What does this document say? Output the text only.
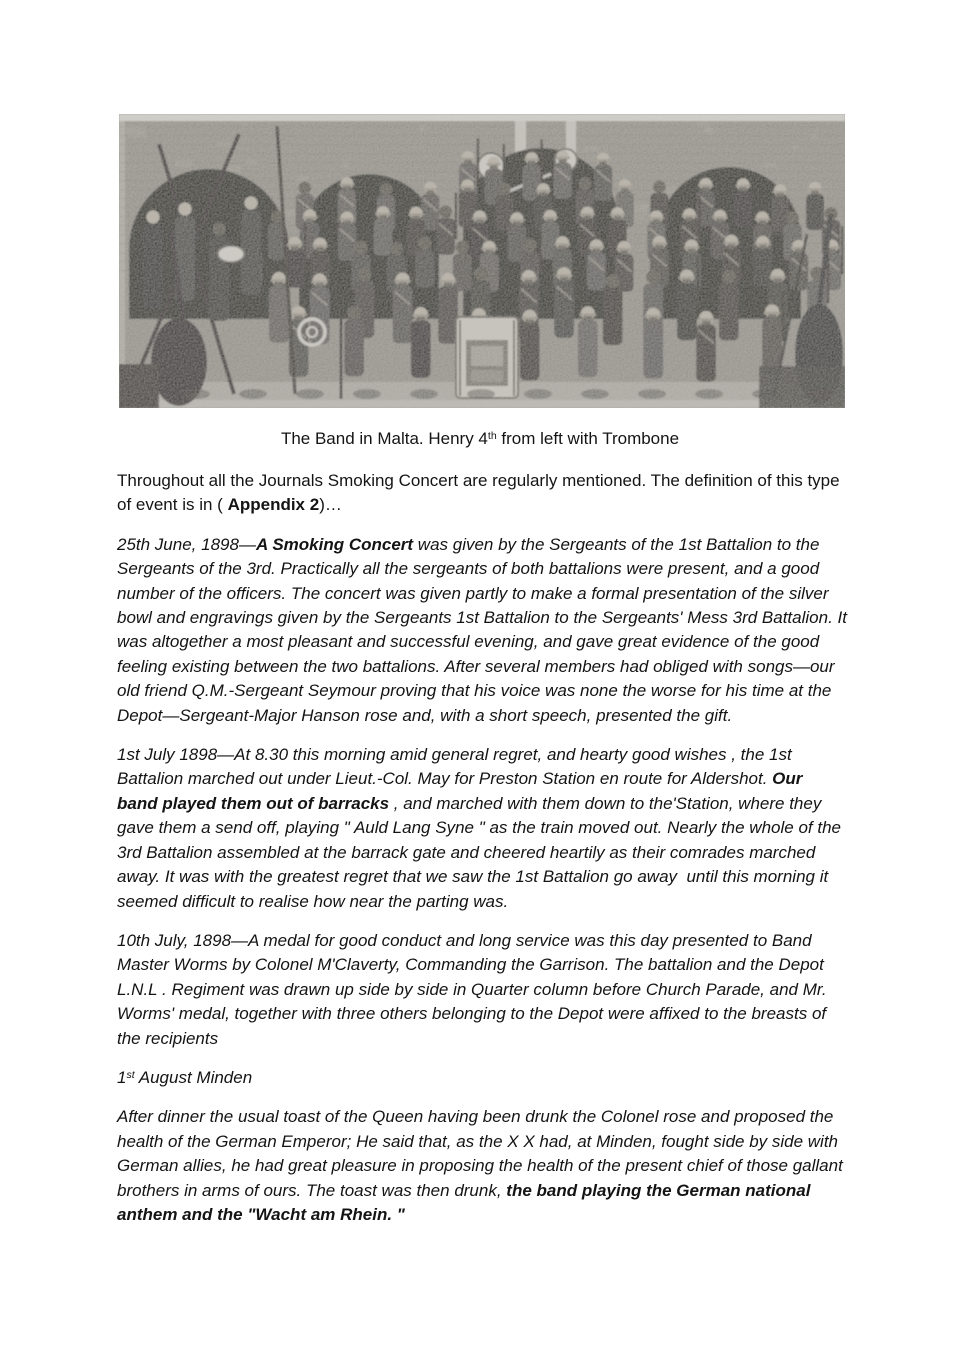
The Band in Malta. Henry 4th from left with Trombone

Throughout all the Journals Smoking Concert are regularly mentioned. The definition of this type of event is in ( Appendix 2)…

25th June, 1898—A Smoking Concert was given by the Sergeants of the 1st Battalion to the Sergeants of the 3rd. Practically all the sergeants of both battalions were present, and a good number of the officers. The concert was given partly to make a formal presentation of the silver bowl and engravings given by the Sergeants 1st Battalion to the Sergeants' Mess 3rd Battalion. It was altogether a most pleasant and successful evening, and gave great evidence of the good feeling existing between the two battalions. After several members had obliged with songs—our old friend Q.M.-Sergeant Seymour proving that his voice was none the worse for his time at the Depot—Sergeant-Major Hanson rose and, with a short speech, presented the gift.

1st July 1898—At 8.30 this morning amid general regret, and hearty good wishes , the 1st Battalion marched out under Lieut.-Col. May for Preston Station en route for Aldershot. Our band played them out of barracks , and marched with them down to the'Station, where they gave them a send off, playing " Auld Lang Syne " as the train moved out. Nearly the whole of the 3rd Battalion assembled at the barrack gate and cheered heartily as their comrades marched away. It was with the greatest regret that we saw the 1st Battalion go away  until this morning it seemed difficult to realise how near the parting was.

10th July, 1898—A medal for good conduct and long service was this day presented to Band Master Worms by Colonel M'Claverty, Commanding the Garrison. The battalion and the Depot L.N.L . Regiment was drawn up side by side in Quarter column before Church Parade, and Mr. Worms' medal, together with three others belonging to the Depot were affixed to the breasts of the recipients

1st August Minden

After dinner the usual toast of the Queen having been drunk the Colonel rose and proposed the health of the German Emperor; He said that, as the X X had, at Minden, fought side by side with German allies, he had great pleasure in proposing the health of the present chief of those gallant brothers in arms of ours. The toast was then drunk, the band playing the German national anthem and the "Wacht am Rhein. "
